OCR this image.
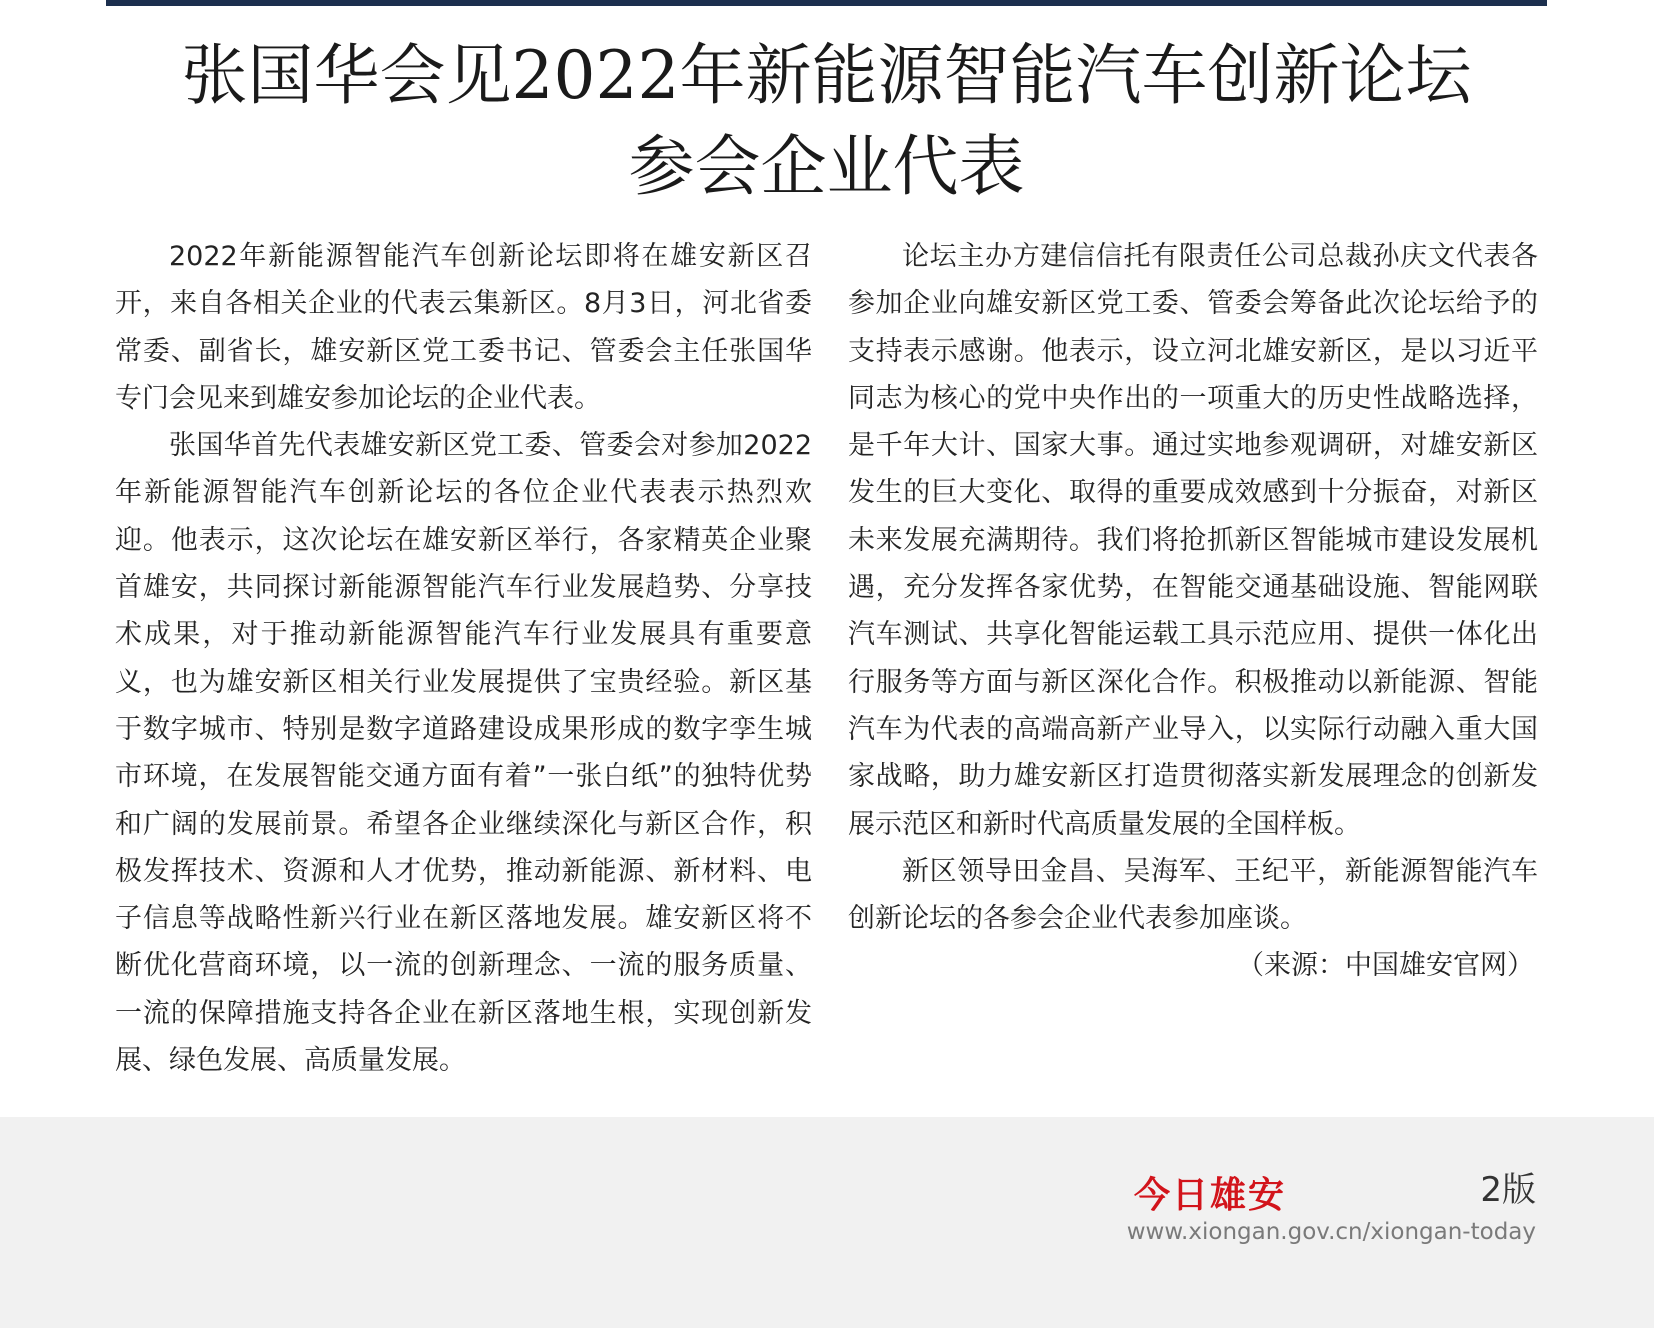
张国华会见2022年新能源智能汽车创新论坛
参会企业代表

2022年新能源智能汽车创新论坛即将在雄安新区召开，来自各相关企业的代表云集新区。8月3日，河北省委常委、副省长，雄安新区党工委书记、管委会主任张国华专门会见来到雄安参加论坛的企业代表。

张国华首先代表雄安新区党工委、管委会对参加2022年新能源智能汽车创新论坛的各位企业代表表示热烈欢迎。他表示，这次论坛在雄安新区举行，各家精英企业聚首雄安，共同探讨新能源智能汽车行业发展趋势、分享技术成果，对于推动新能源智能汽车行业发展具有重要意义，也为雄安新区相关行业发展提供了宝贵经验。新区基于数字城市、特别是数字道路建设成果形成的数字孪生城市环境，在发展智能交通方面有着”一张白纸”的独特优势和广阔的发展前景。希望各企业继续深化与新区合作，积极发挥技术、资源和人才优势，推动新能源、新材料、电子信息等战略性新兴行业在新区落地发展。雄安新区将不断优化营商环境，以一流的创新理念、一流的服务质量、一流的保障措施支持各企业在新区落地生根，实现创新发展、绿色发展、高质量发展。

论坛主办方建信信托有限责任公司总裁孙庆文代表各参加企业向雄安新区党工委、管委会筹备此次论坛给予的支持表示感谢。他表示，设立河北雄安新区，是以习近平同志为核心的党中央作出的一项重大的历史性战略选择，是千年大计、国家大事。通过实地参观调研，对雄安新区发生的巨大变化、取得的重要成效感到十分振奋，对新区未来发展充满期待。我们将抢抓新区智能城市建设发展机遇，充分发挥各家优势，在智能交通基础设施、智能网联汽车测试、共享化智能运载工具示范应用、提供一体化出行服务等方面与新区深化合作。积极推动以新能源、智能汽车为代表的高端高新产业导入，以实际行动融入重大国家战略，助力雄安新区打造贯彻落实新发展理念的创新发展示范区和新时代高质量发展的全国样板。

新区领导田金昌、吴海军、王纪平，新能源智能汽车创新论坛的各参会企业代表参加座谈。

（来源：中国雄安官网）

今日雄安	2版
www.xiongan.gov.cn/xiongan-today
